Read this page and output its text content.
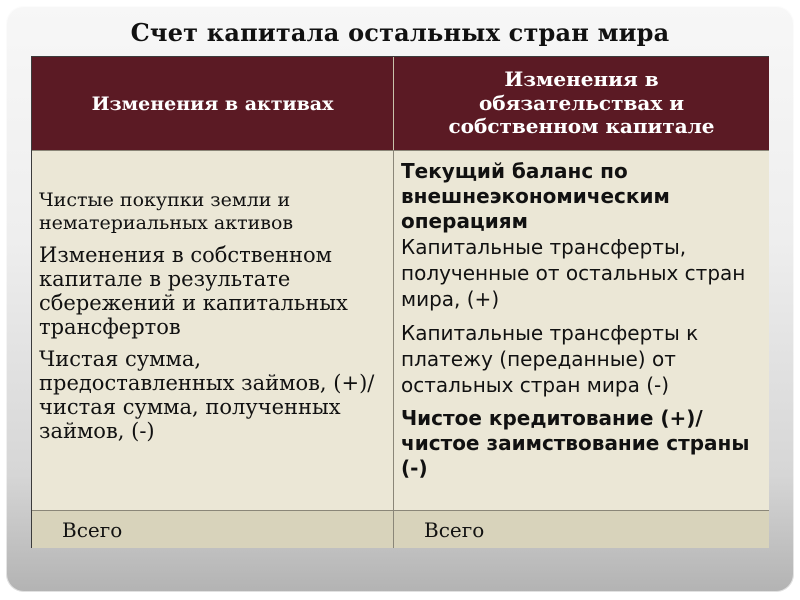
Счет капитала остальных стран мира
Изменения в активах
Изменения в обязательствах и собственном капитале
Чистые покупки земли и нематериальных активов
Изменения в собственном капитале в результате сбережений и капитальных трансфертов
Чистая сумма, предоставленных займов, (+)/ чистая сумма, полученных займов, (-)
Текущий баланс по внешнеэкономическим операциям
Капитальные трансферты, полученные от остальных стран мира, (+)
Капитальные трансферты к платежу (переданные) от остальных стран мира (-)
Чистое кредитование (+)/ чистое заимствование страны (-)
Всего	Всего
